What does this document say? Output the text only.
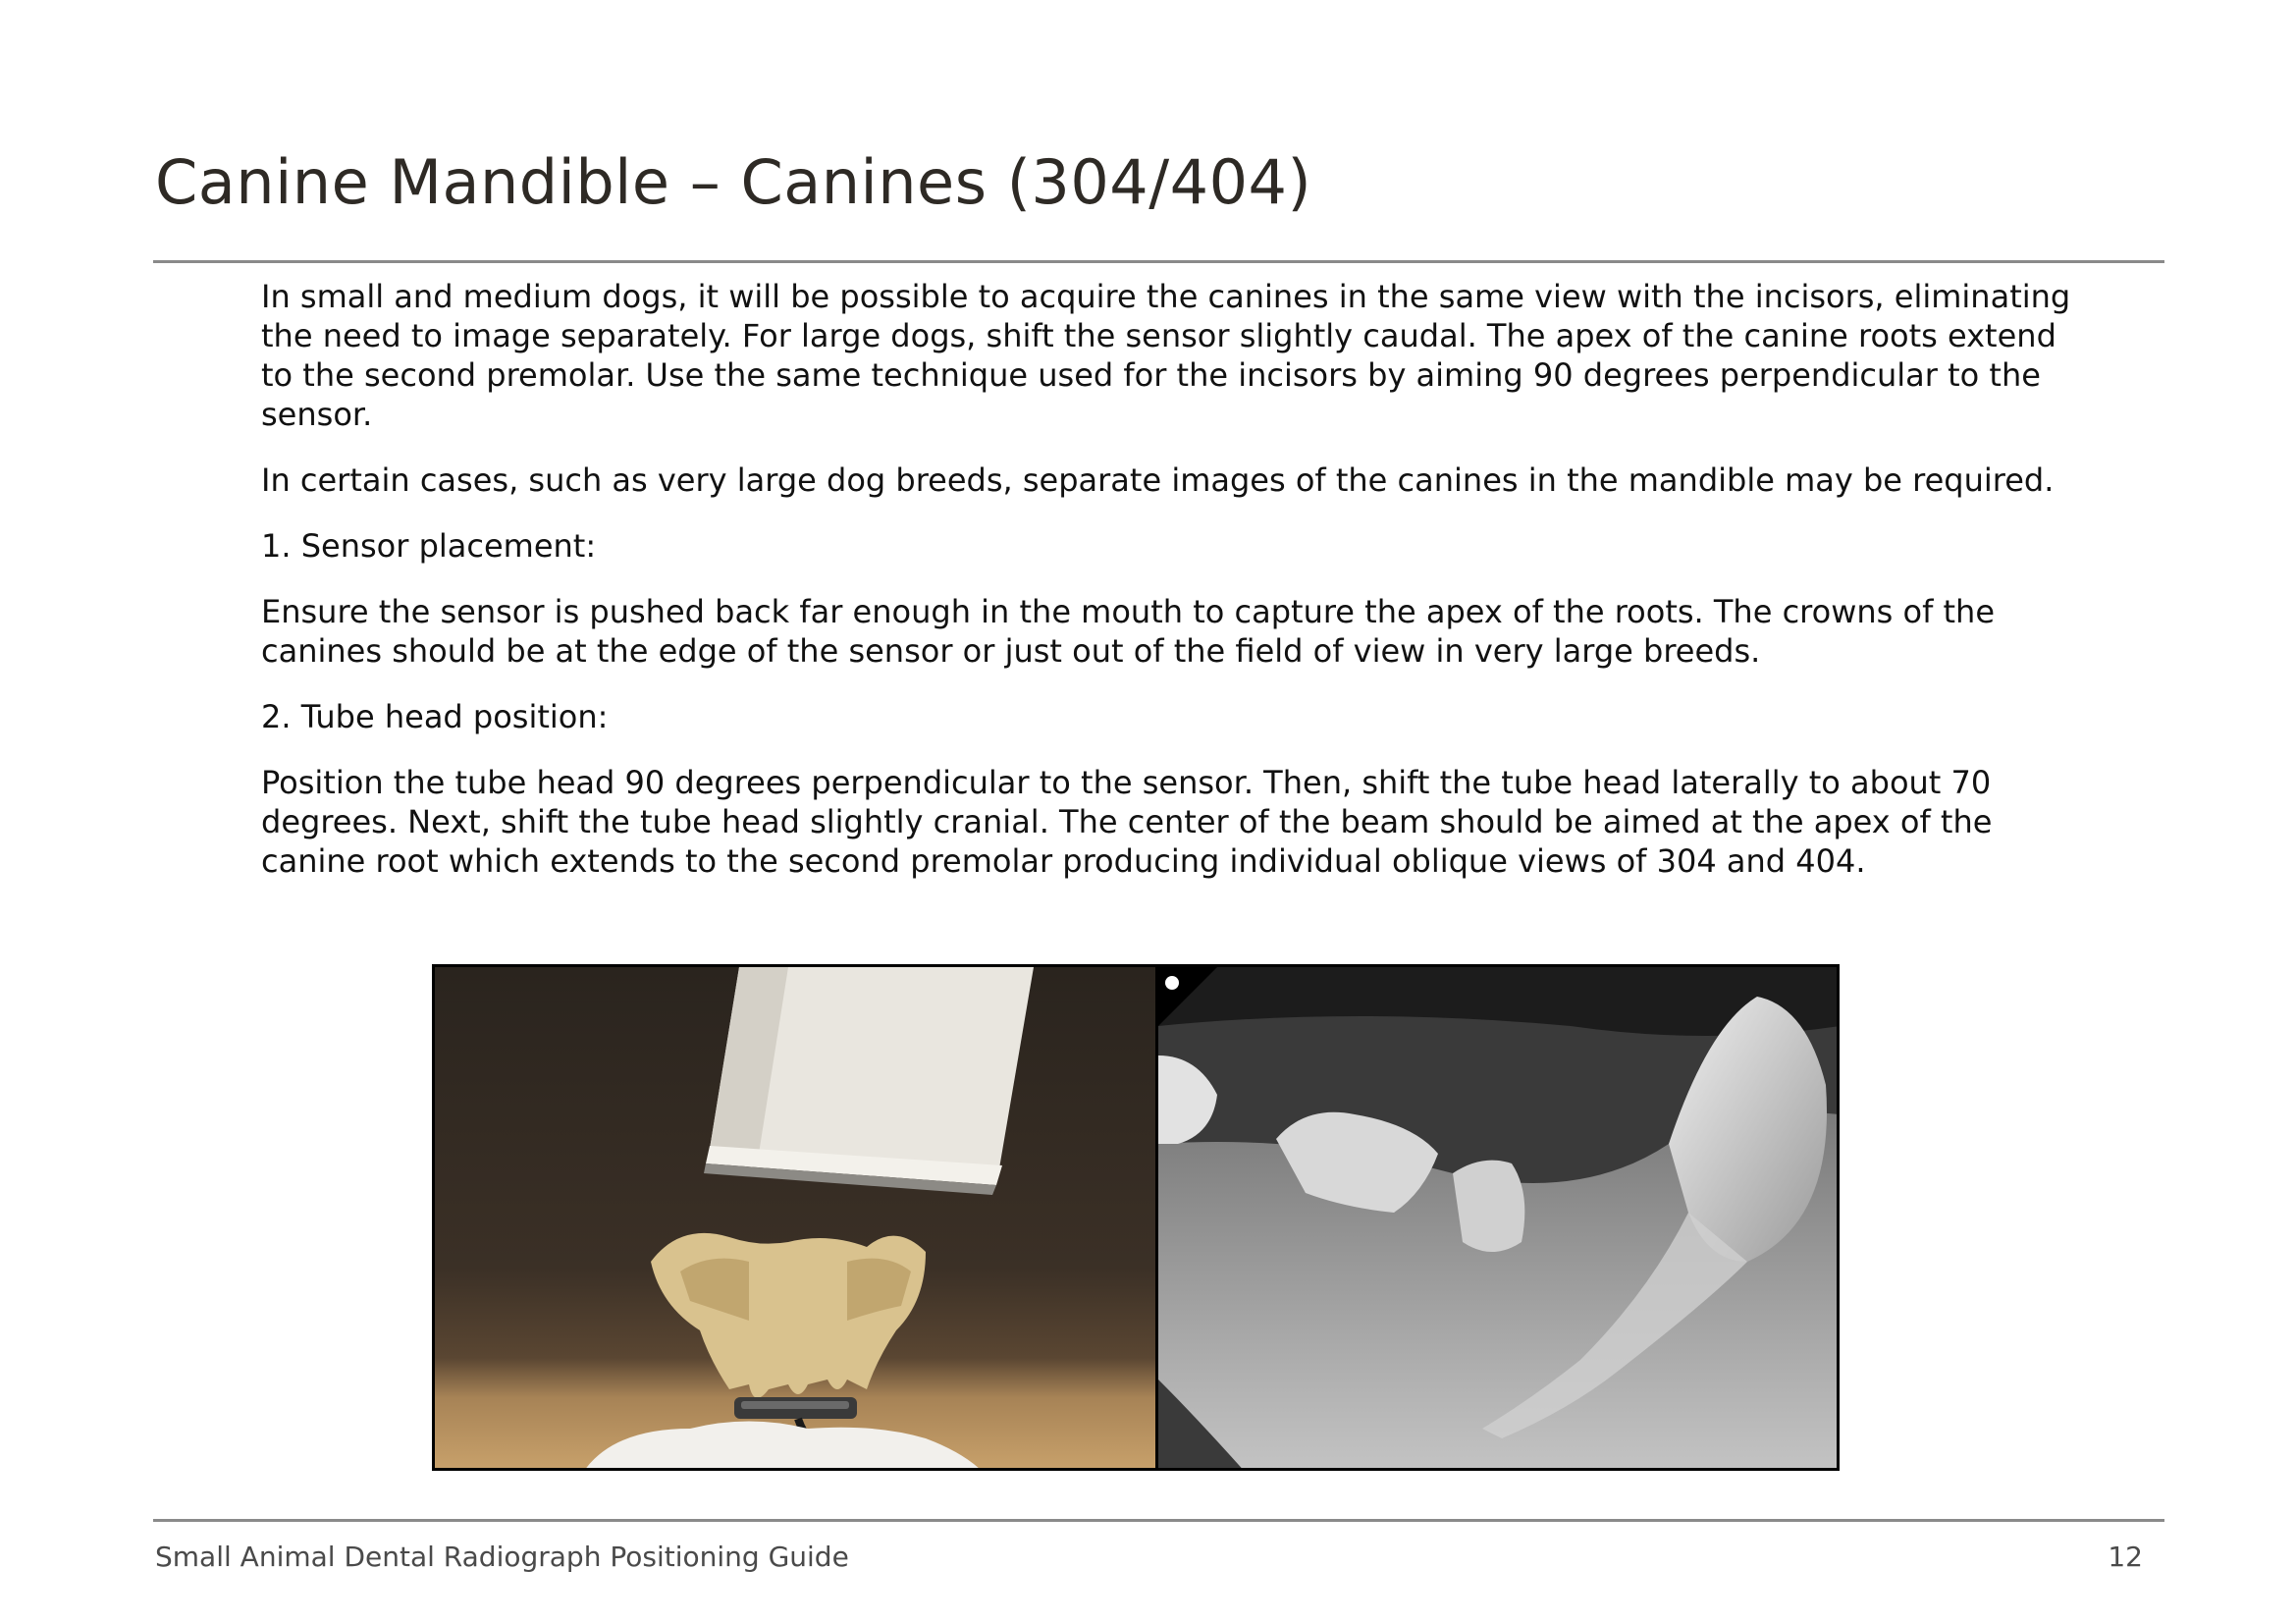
Canine Mandible – Canines (304/404)

In small and medium dogs, it will be possible to acquire the canines in the same view with the incisors, eliminating the need to image separately. For large dogs, shift the sensor slightly caudal. The apex of the canine roots extend to the second premolar. Use the same technique used for the incisors by aiming 90 degrees perpendicular to the sensor.

In certain cases, such as very large dog breeds, separate images of the canines in the mandible may be required.

1. Sensor placement:

Ensure the sensor is pushed back far enough in the mouth to capture the apex of the roots. The crowns of the canines should be at the edge of the sensor or just out of the field of view in very large breeds.

2. Tube head position:

Position the tube head 90 degrees perpendicular to the sensor. Then, shift the tube head laterally to about 70 degrees. Next, shift the tube head slightly cranial. The center of the beam should be aimed at the apex of the canine root which extends to the second premolar producing individual oblique views of 304 and 404.

Small Animal Dental Radiograph Positioning Guide	12
